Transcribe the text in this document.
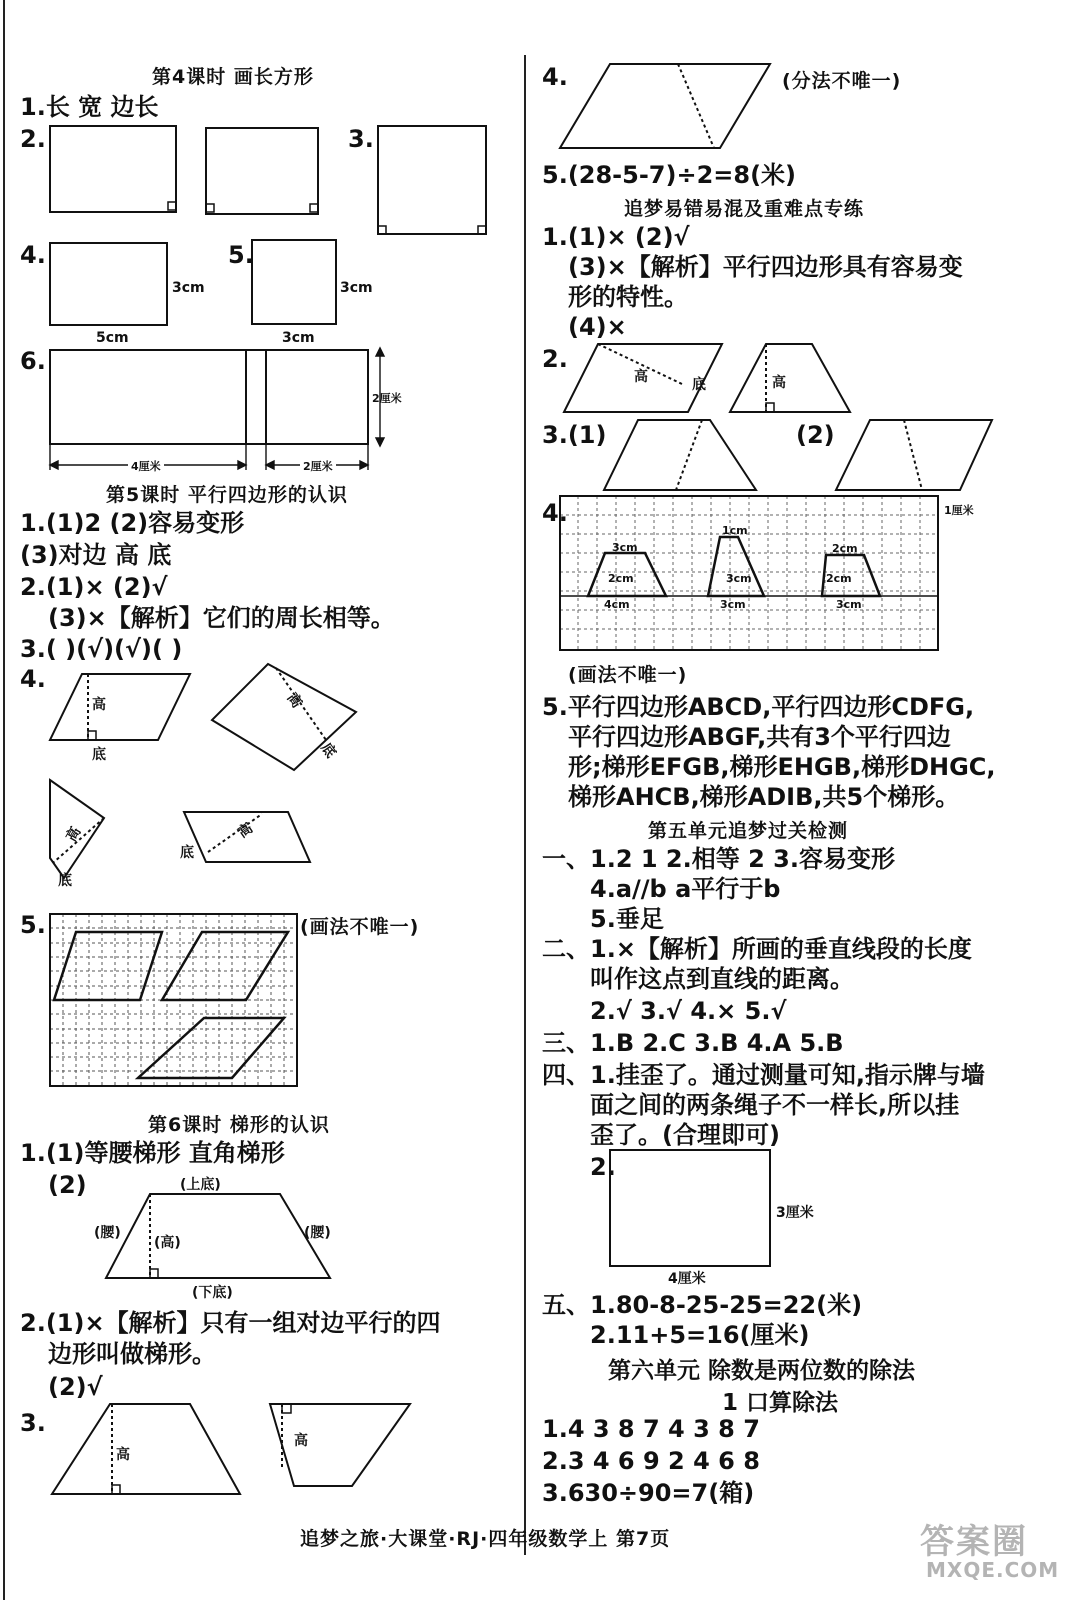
第4课时 画长方形
1.长 宽 边长
2.	3.
4.	5.
3cm
5cm
3cm
3cm
6.
2厘米
4厘米	2厘米
第5课时 平行四边形的认识
1.(1)2 (2)容易变形
(3)对边 高 底
2.(1)× (2)√
(3)×【解析】它们的周长相等。
3.( )(√)(√)( )
4.
高
底
高
底
高
底
底
高
5.	(画法不唯一)
第6课时 梯形的认识
1.(1)等腰梯形 直角梯形
(2)	(上底)
(腰)
(高)
(腰)
(下底)
2.(1)×【解析】只有一组对边平行的四
边形叫做梯形。
(2)√
3.
高
高
4.	(分法不唯一)
5.(28-5-7)÷2=8(米)
追梦易错易混及重难点专练
1.(1)× (2)√
(3)×【解析】平行四边形具有容易变
形的特性。
(4)×
2.
高	底	高
3.(1)	(2)
4.	1厘米
3cm
2cm
4cm
1cm
3cm
3cm
2cm
2cm
3cm
(画法不唯一)
5.平行四边形ABCD,平行四边形CDFG,
平行四边形ABGF,共有3个平行四边
形;梯形EFGB,梯形EHGB,梯形DHGC,
梯形AHCB,梯形ADIB,共5个梯形。
第五单元追梦过关检测
一、1.2 1 2.相等 2 3.容易变形
4.a//b a平行于b
5.垂足
二、1.×【解析】所画的垂直线段的长度
叫作这点到直线的距离。
2.√ 3.√ 4.× 5.√
三、1.B 2.C 3.B 4.A 5.B
四、1.挂歪了。通过测量可知,指示牌与墙
面之间的两条绳子不一样长,所以挂
歪了。(合理即可)
2.
3厘米
4厘米
五、1.80-8-25-25=22(米)
2.11+5=16(厘米)
第六单元 除数是两位数的除法
1 口算除法
1.4 3 8 7 4 3 8 7
2.3 4 6 9 2 4 6 8
3.630÷90=7(箱)
追梦之旅·大课堂·RJ·四年级数学上 第7页	答案圈
MXQE.COM
